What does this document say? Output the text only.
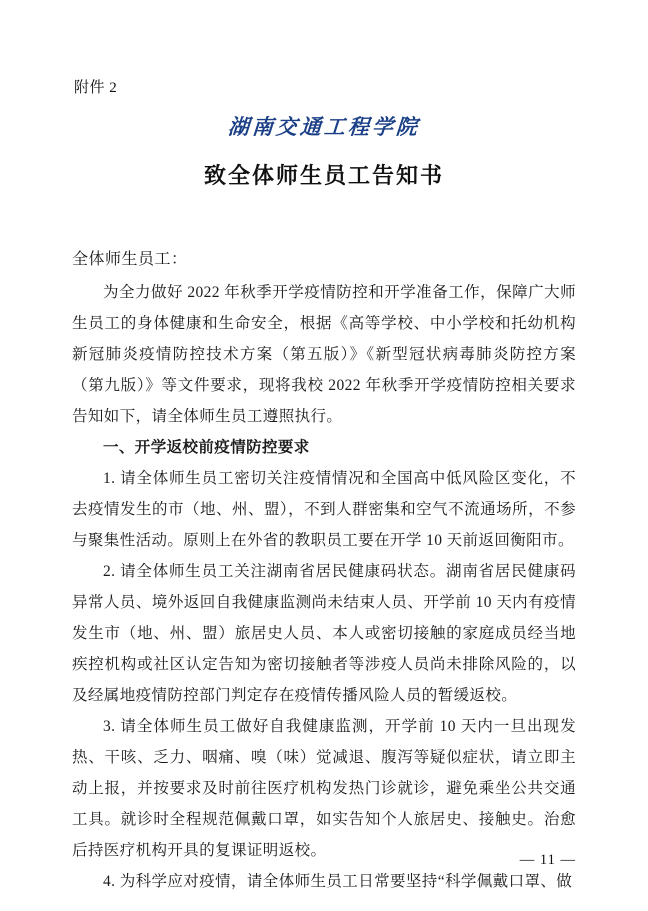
附件 2
湖南交通工程学院
致全体师生员工告知书
全体师生员工：

为全力做好 2022 年秋季开学疫情防控和开学准备工作，保障广大师生员工的身体健康和生命安全，根据《高等学校、中小学校和托幼机构新冠肺炎疫情防控技术方案（第五版）》《新型冠状病毒肺炎防控方案（第九版）》等文件要求，现将我校 2022 年秋季开学疫情防控相关要求告知如下，请全体师生员工遵照执行。

一、开学返校前疫情防控要求

1. 请全体师生员工密切关注疫情情况和全国高中低风险区变化，不去疫情发生的市（地、州、盟），不到人群密集和空气不流通场所，不参与聚集性活动。原则上在外省的教职员工要在开学 10 天前返回衡阳市。

2. 请全体师生员工关注湖南省居民健康码状态。湖南省居民健康码异常人员、境外返回自我健康监测尚未结束人员、开学前 10 天内有疫情发生市（地、州、盟）旅居史人员、本人或密切接触的家庭成员经当地疾控机构或社区认定告知为密切接触者等涉疫人员尚未排除风险的，以及经属地疫情防控部门判定存在疫情传播风险人员的暂缓返校。

3. 请全体师生员工做好自我健康监测，开学前 10 天内一旦出现发热、干咳、乏力、咽痛、嗅（味）觉减退、腹泻等疑似症状，请立即主动上报，并按要求及时前往医疗机构发热门诊就诊，避免乘坐公共交通工具。就诊时全程规范佩戴口罩，如实告知个人旅居史、接触史。治愈后持医疗机构开具的复课证明返校。

4. 为科学应对疫情，请全体师生员工日常要坚持“科学佩戴口罩、做

— 11 —
